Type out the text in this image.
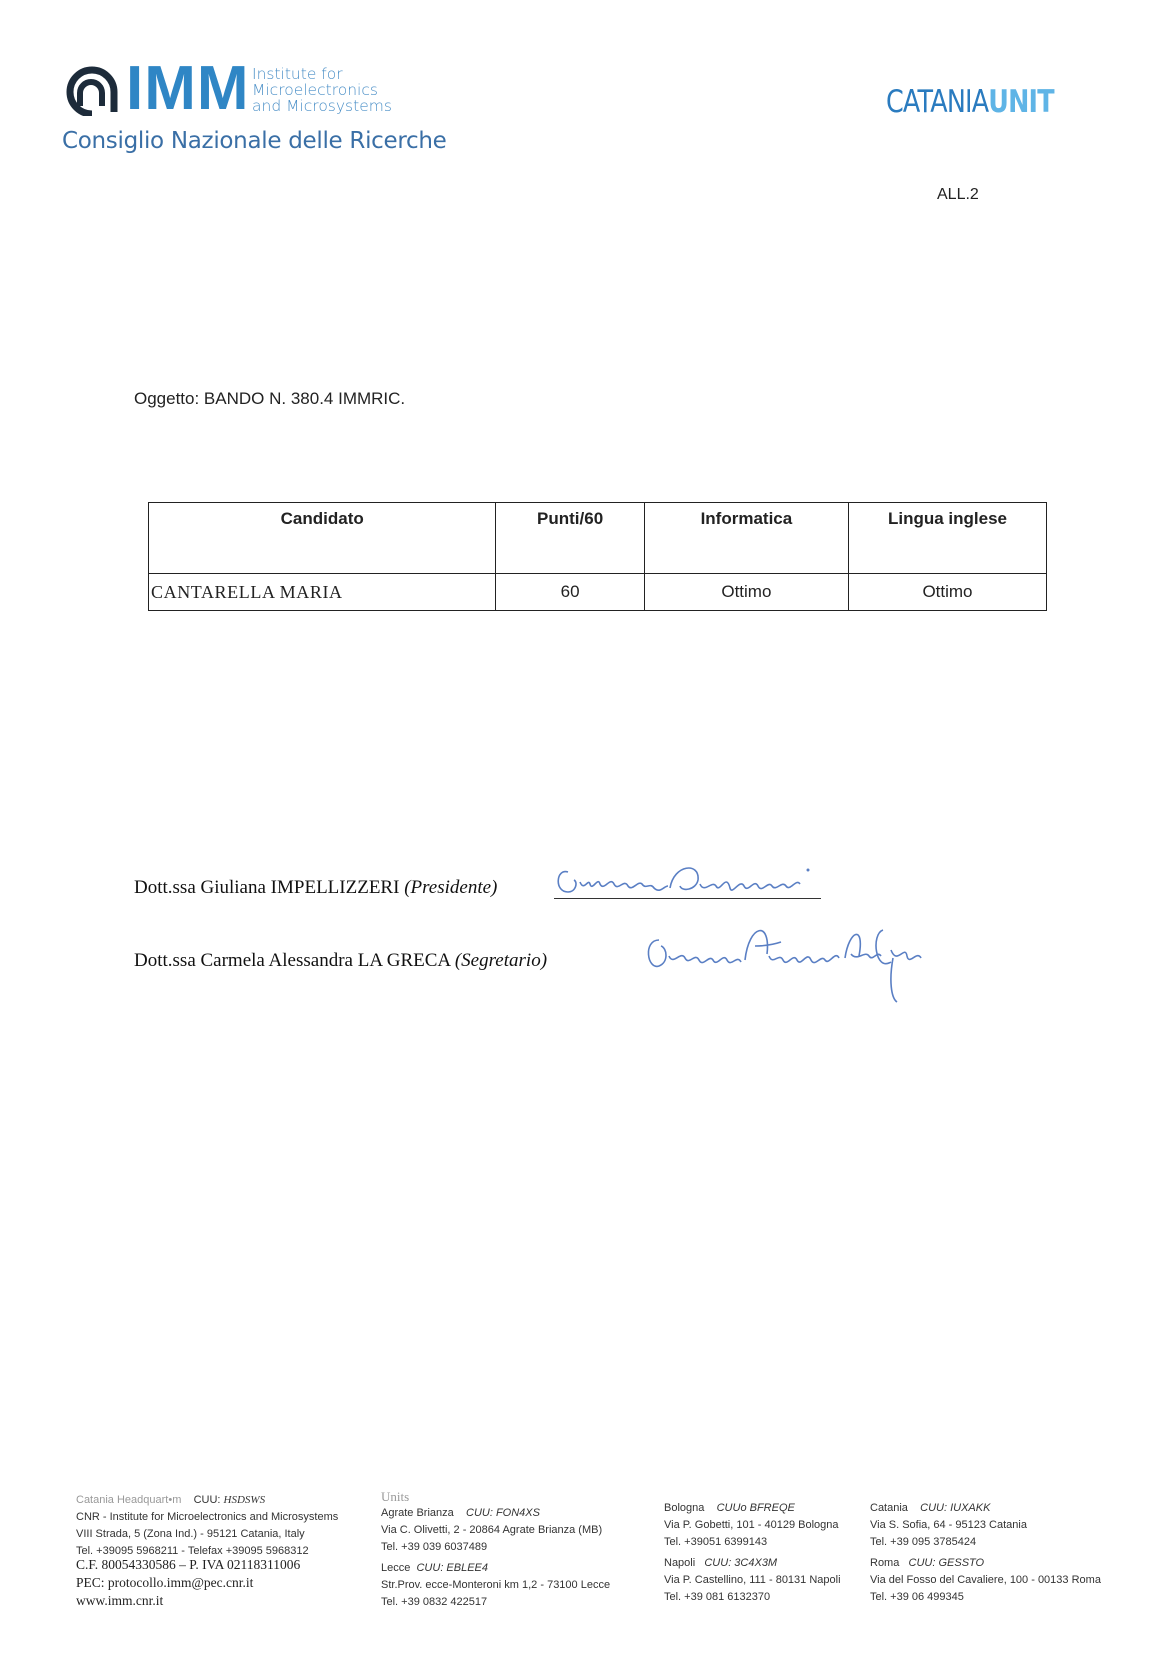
IMM Institute for
Microelectronics
and Microsystems
Consiglio Nazionale delle Ricerche
CATANIAUNIT
ALL.2
Oggetto: BANDO N. 380.4 IMMRIC.
Candidato	Punti/60	Informatica	Lingua inglese
CANTARELLA MARIA	60	Ottimo	Ottimo
Dott.ssa Giuliana IMPELLIZZERI (Presidente)
Dott.ssa Carmela Alessandra LA GRECA (Segretario)
Catania Headquart•m CUU: HSDSWS
CNR - Institute for Microelectronics and Microsystems
VIII Strada, 5 (Zona Ind.) - 95121 Catania, Italy
Tel. +39095 5968211 - Telefax +39095 5968312
C.F. 80054330586 – P. IVA 02118311006
PEC: protocollo.imm@pec.cnr.it
www.imm.cnr.it
Units
Agrate Brianza CUU: FON4XS
Via C. Olivetti, 2 - 20864 Agrate Brianza (MB)
Tel. +39 039 6037489
Lecce CUU: EBLEE4
Str.Prov. ecce-Monteroni km 1,2 - 73100 Lecce
Tel. +39 0832 422517
Bologna CUUo BFREQE
Via P. Gobetti, 101 - 40129 Bologna
Tel. +39051 6399143
Napoli CUU: 3C4X3M
Via P. Castellino, 111 - 80131 Napoli
Tel. +39 081 6132370
Catania CUU: IUXAKK
Via S. Sofia, 64 - 95123 Catania
Tel. +39 095 3785424
Roma CUU: GESSTO
Via del Fosso del Cavaliere, 100 - 00133 Roma
Tel. +39 06 499345
